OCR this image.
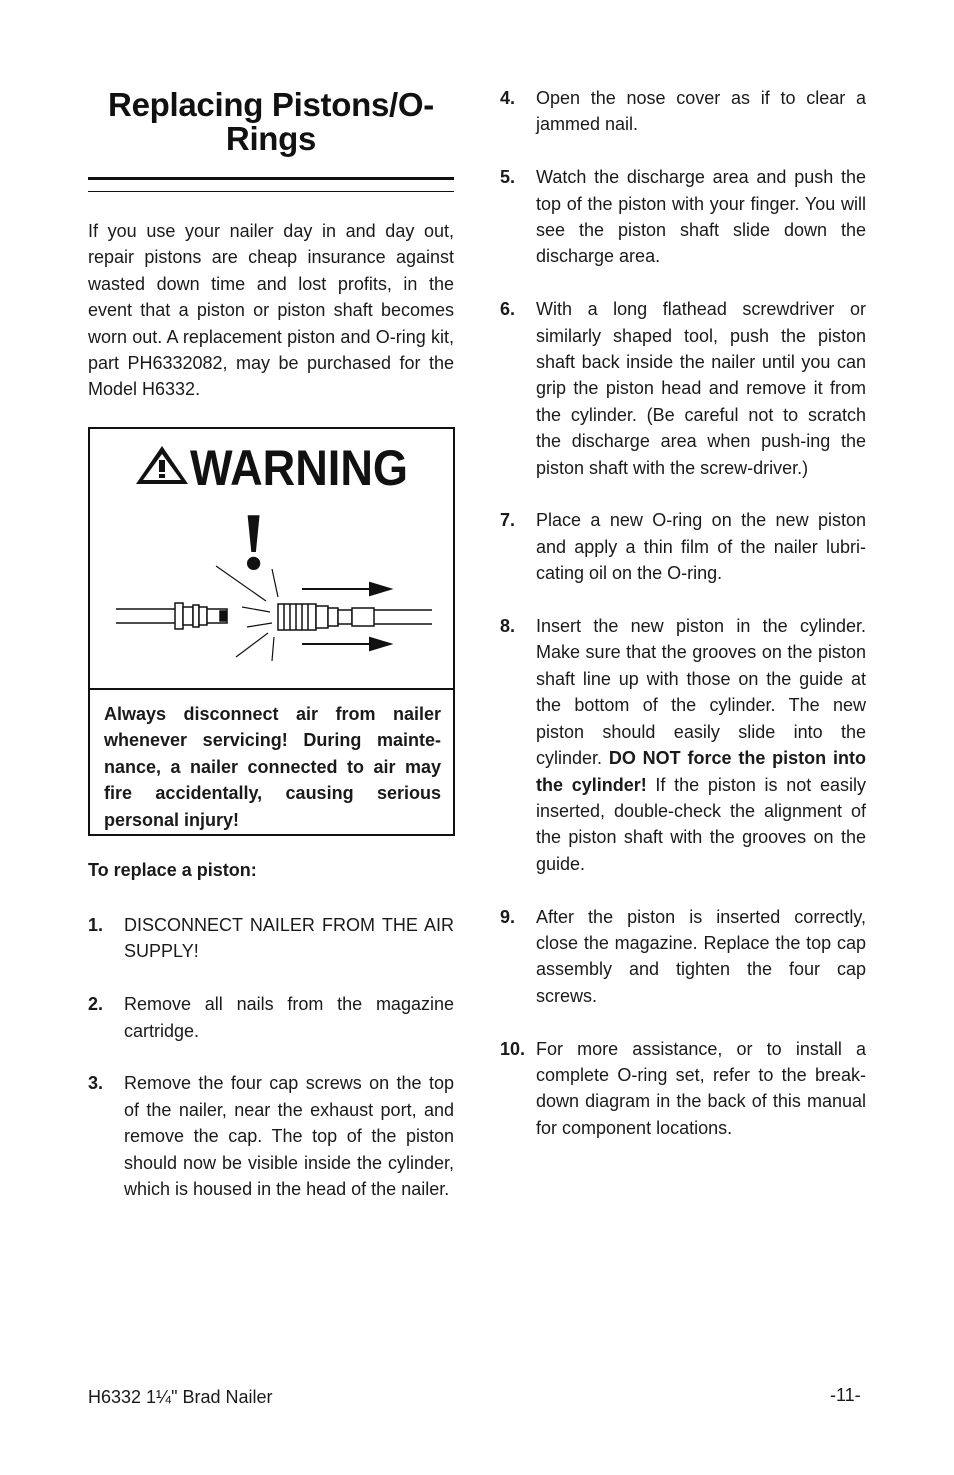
Replacing Pistons/O-Rings

If you use your nailer day in and day out, repair pistons are cheap insurance against wasted down time and lost profits, in the event that a piston or piston shaft becomes worn out. A replacement piston and O-ring kit, part PH6332082, may be purchased for the Model H6332.

WARNING
!
Always disconnect air from nailer whenever servicing! During mainte-nance, a nailer connected to air may fire accidentally, causing serious personal injury!
To replace a piston:
1. DISCONNECT NAILER FROM THE AIR SUPPLY!
2. Remove all nails from the magazine cartridge.
3. Remove the four cap screws on the top of the nailer, near the exhaust port, and remove the cap. The top of the piston should now be visible inside the cylinder, which is housed in the head of the nailer.
4. Open the nose cover as if to clear a jammed nail.
5. Watch the discharge area and push the top of the piston with your finger. You will see the piston shaft slide down the discharge area.
6. With a long flathead screwdriver or similarly shaped tool, push the piston shaft back inside the nailer until you can grip the piston head and remove it from the cylinder. (Be careful not to scratch the discharge area when push-ing the piston shaft with the screw-driver.)
7. Place a new O-ring on the new piston and apply a thin film of the nailer lubri-cating oil on the O-ring.
8. Insert the new piston in the cylinder. Make sure that the grooves on the piston shaft line up with those on the guide at the bottom of the cylinder. The new piston should easily slide into the cylinder. DO NOT force the piston into the cylinder! If the piston is not easily inserted, double-check the alignment of the piston shaft with the grooves on the guide.
9. After the piston is inserted correctly, close the magazine. Replace the top cap assembly and tighten the four cap screws.
10. For more assistance, or to install a complete O-ring set, refer to the break-down diagram in the back of this manual for component locations.
H6332 1¼" Brad Nailer	-11-
